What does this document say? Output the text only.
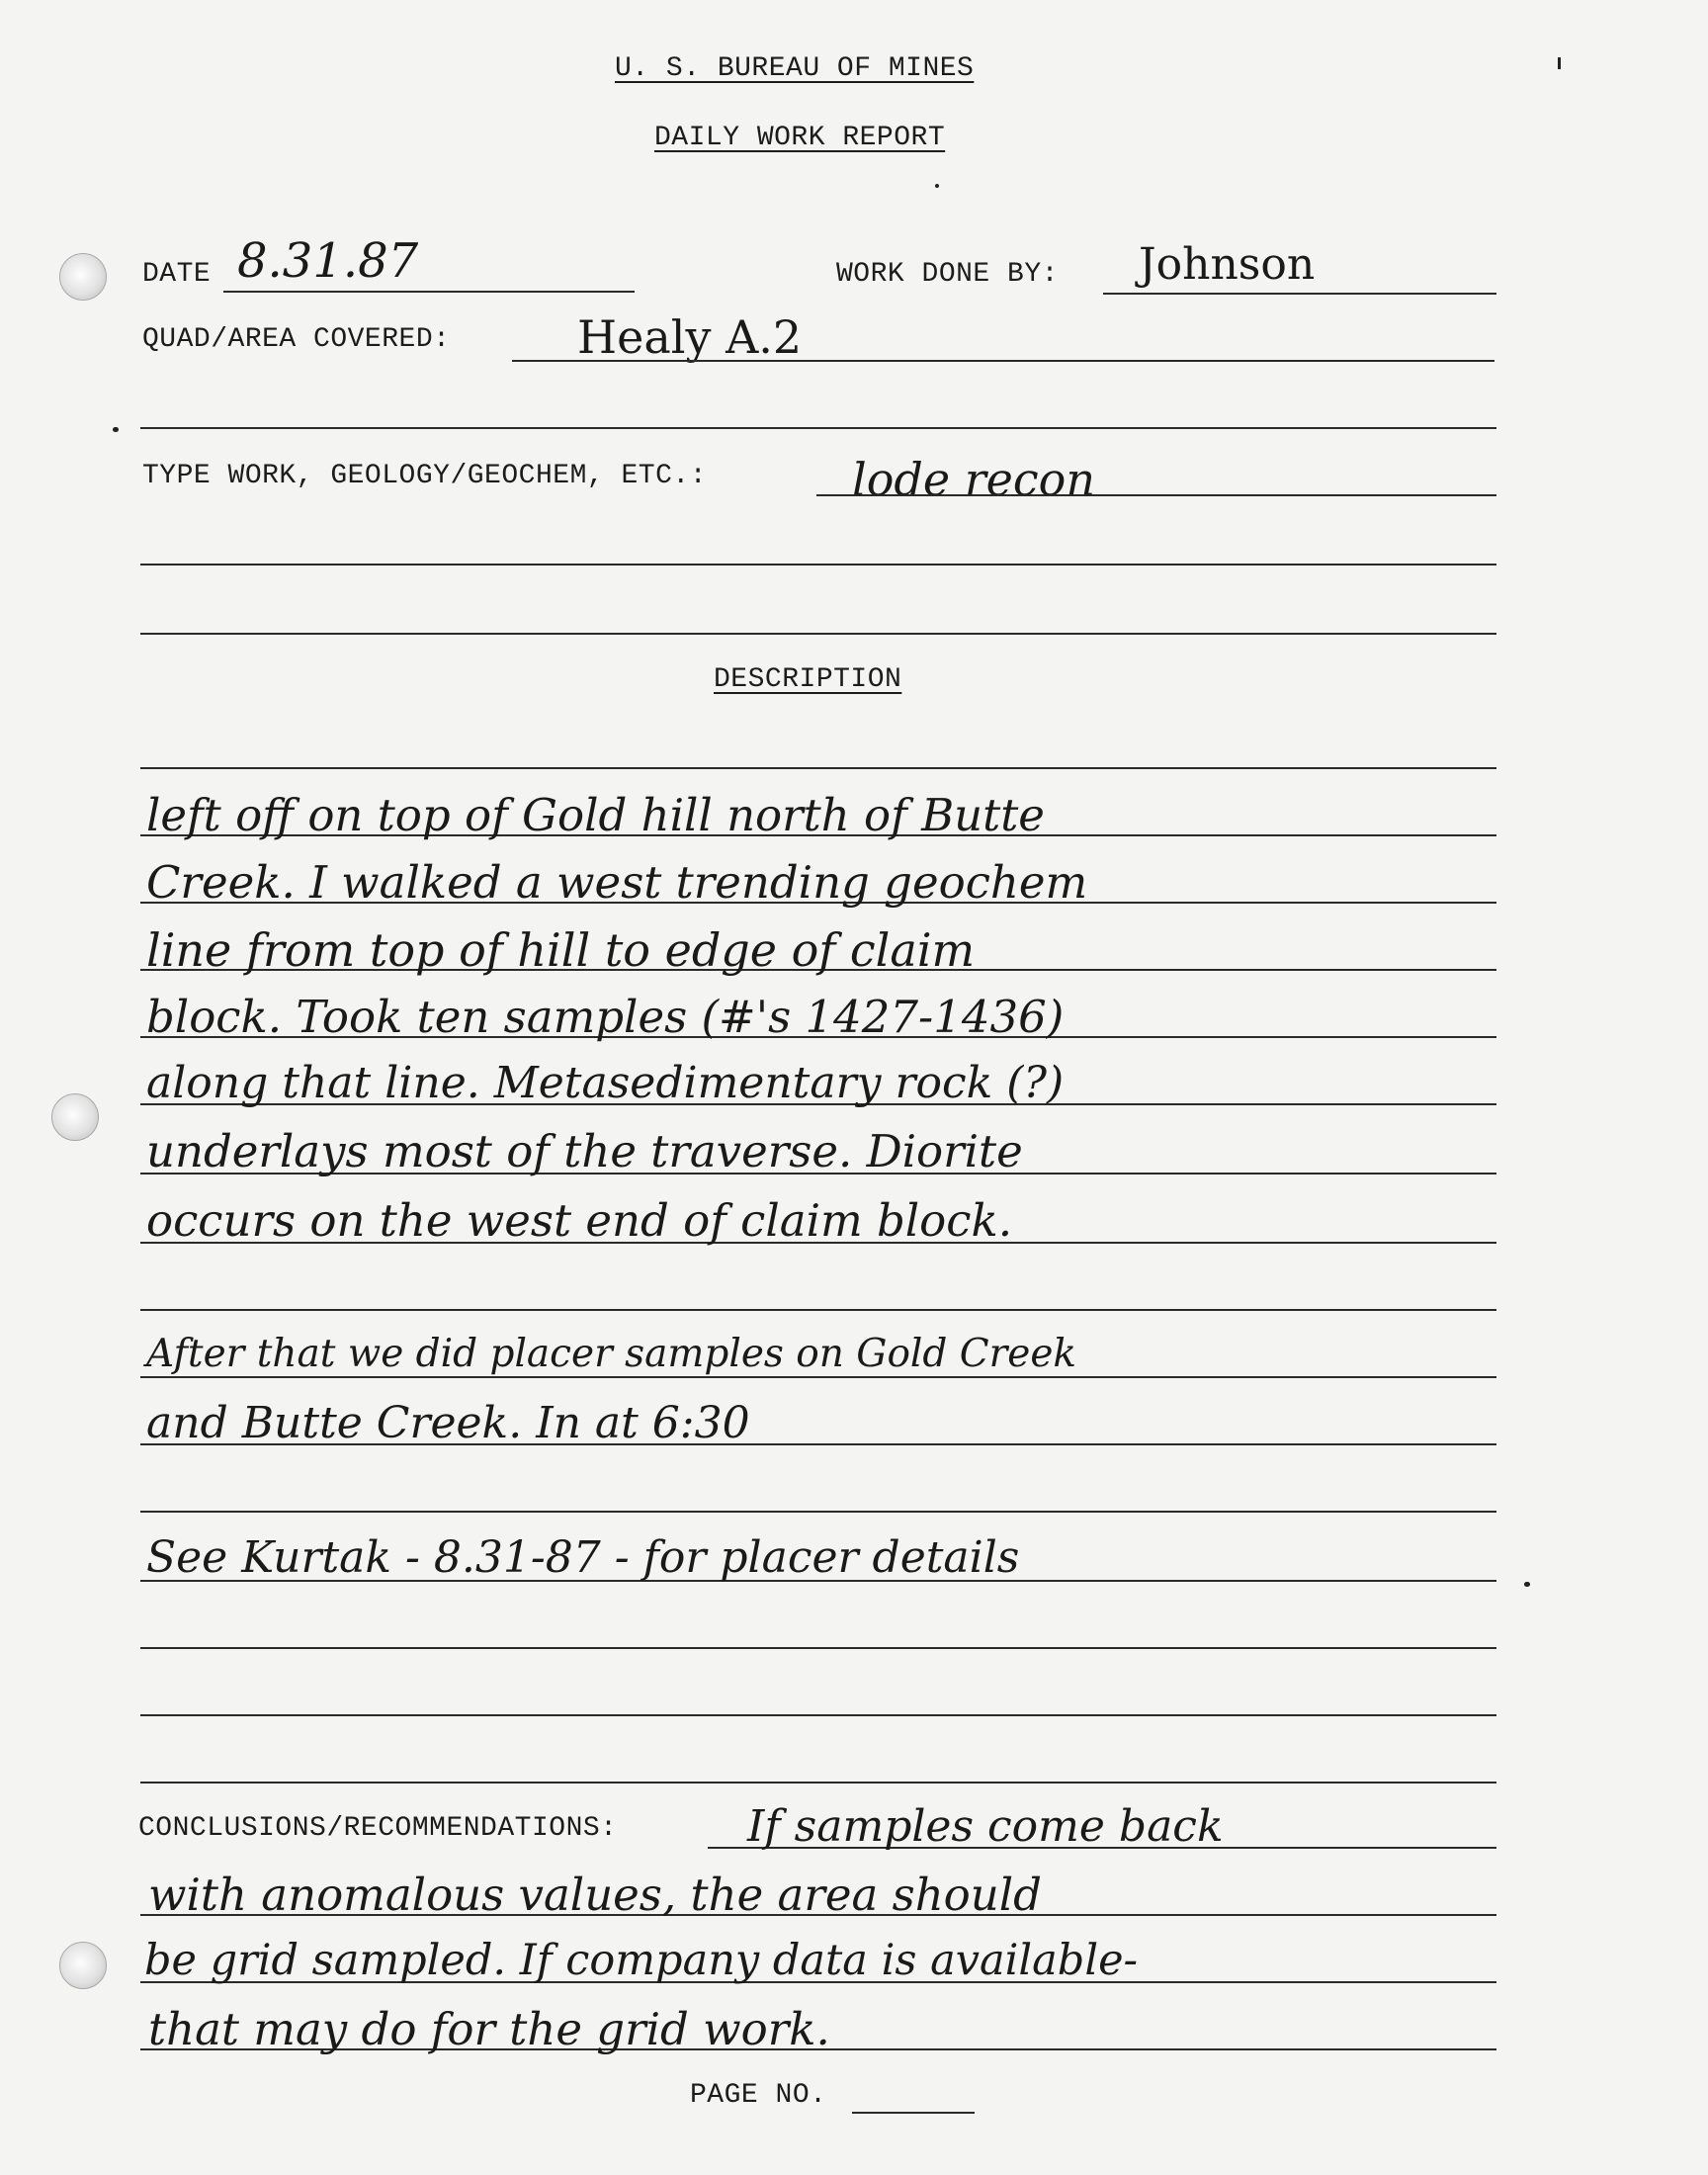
U. S. BUREAU OF MINES
DAILY WORK REPORT
DATE 8.31.87	WORK DONE BY: Johnson
QUAD/AREA COVERED:	Healy A.2
TYPE WORK, GEOLOGY/GEOCHEM, ETC.:	lode recon
DESCRIPTION
left off on top of Gold hill north of Butte
Creek. I walked a west trending geochem
line from top of hill to edge of claim
block. Took ten samples (#'s 1427-1436)
along that line. Metasedimentary rock (?)
underlays most of the traverse. Diorite
occurs on the west end of claim block.
After that we did placer samples on Gold Creek
and Butte Creek. In at 6:30
See Kurtak - 8.31-87 - for placer details
CONCLUSIONS/RECOMMENDATIONS:	If samples come back
with anomalous values, the area should
be grid sampled. If company data is available-
that may do for the grid work.
PAGE NO.
